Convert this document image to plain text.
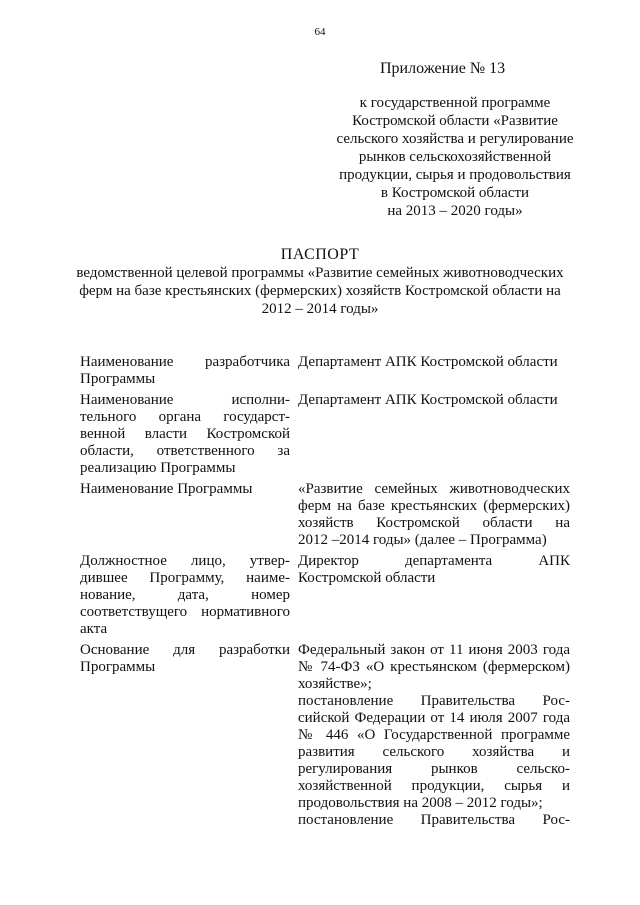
64
Приложение № 13
к государственной программе
Костромской области «Развитие
сельского хозяйства и регулирование
рынков сельскохозяйственной
продукции, сырья и продовольствия
в Костромской области
на 2013 – 2020 годы»
ПАСПОРТ
ведомственной целевой программы «Развитие семейных животноводческих
ферм на базе крестьянских (фермерских) хозяйств Костромской области на
2012 – 2014 годы»
Наименование разработчика
Программы
Департамент АПК Костромской области
Наименование исполни-
тельного органа государст-
венной власти Костромской
области, ответственного за
реализацию Программы
Департамент АПК Костромской области
Наименование Программы	«Развитие семейных животноводческих
ферм на базе крестьянских (фермерских)
хозяйств Костромской области на
2012 –2014 годы» (далее – Программа)
Должностное лицо, утвер-
дившее Программу, наиме-
нование, дата, номер
соответствущего нормативного
акта
Директор департамента АПК
Костромской области
Основание для разработки
Программы
Федеральный закон от 11 июня 2003 года
№ 74-ФЗ «О крестьянском (фермерском)
хозяйстве»;
постановление Правительства Рос-
сийской Федерации от 14 июля 2007 года
№ 446 «О Государственной программе
развития сельского хозяйства и
регулирования рынков сельско-
хозяйственной продукции, сырья и
продовольствия на 2008 – 2012 годы»;
постановление Правительства Рос-
